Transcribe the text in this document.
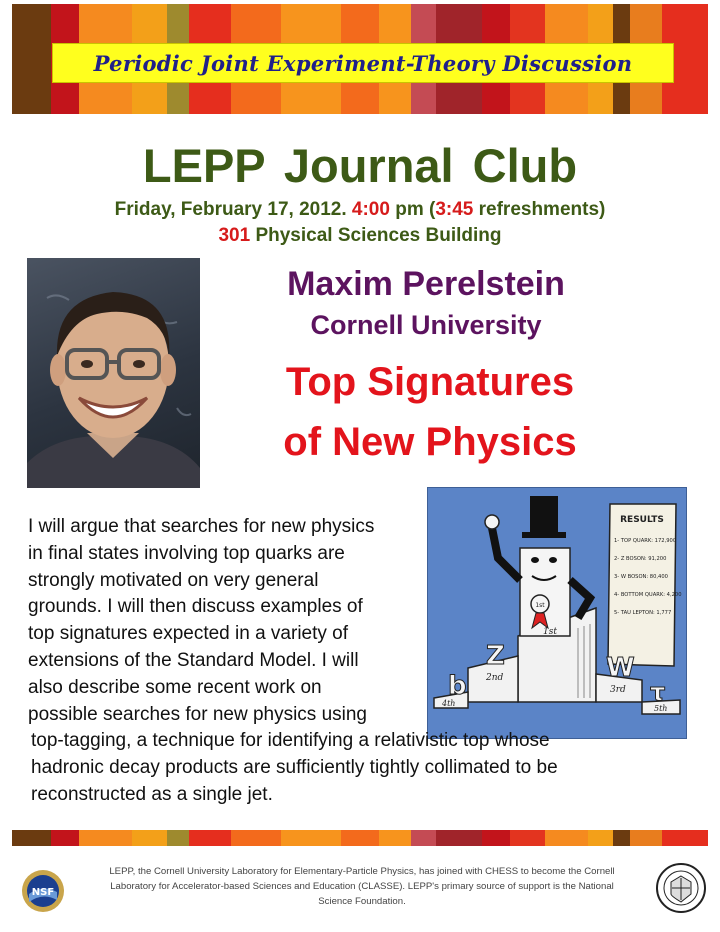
Periodic Joint Experiment-Theory Discussion
LEPP Journal Club
Friday, February 17, 2012. 4:00 pm (3:45 refreshments)
301 Physical Sciences Building
Maxim Perelstein
Cornell University
Top Signatures
of New Physics
RESULTS
1- TOP QUARK: 172,900
2- Z BOSON: 91,200
3- W BOSON: 80,400
4- BOTTOM QUARK: 4,200
5- TAU LEPTON: 1,777
1st
Z	W
b	τ
1st
2nd
3rd
4th
5th
I will argue that searches for new physics
in final states involving top quarks are
strongly motivated on very general
grounds. I will then discuss examples of
top signatures expected in a variety of
extensions of the Standard Model. I will
also describe some recent work on
possible searches for new physics using
top-tagging, a technique for identifying a relativistic top whose
hadronic decay products are sufficiently tightly collimated to be
reconstructed as a single jet.
NSF
LEPP, the Cornell University Laboratory for Elementary-Particle Physics, has joined with CHESS to become the Cornell Laboratory for Accelerator-based Sciences and Education (CLASSE). LEPP's primary source of support is the National Science Foundation.
